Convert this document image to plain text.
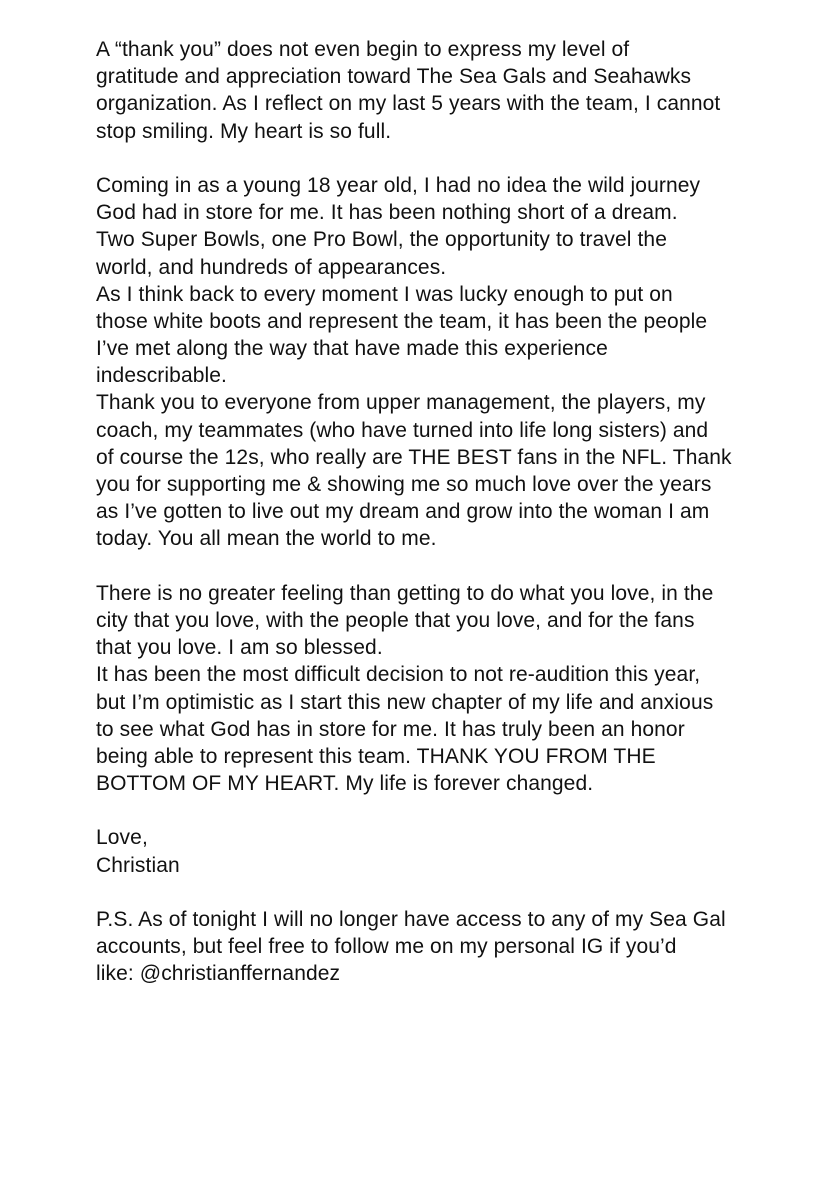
A “thank you” does not even begin to express my level of
gratitude and appreciation toward The Sea Gals and Seahawks
organization. As I reflect on my last 5 years with the team, I cannot
stop smiling. My heart is so full.
Coming in as a young 18 year old, I had no idea the wild journey
God had in store for me. It has been nothing short of a dream.
Two Super Bowls, one Pro Bowl, the opportunity to travel the
world, and hundreds of appearances.
As I think back to every moment I was lucky enough to put on
those white boots and represent the team, it has been the people
I’ve met along the way that have made this experience
indescribable.
Thank you to everyone from upper management, the players, my
coach, my teammates (who have turned into life long sisters) and
of course the 12s, who really are THE BEST fans in the NFL. Thank
you for supporting me & showing me so much love over the years
as I’ve gotten to live out my dream and grow into the woman I am
today. You all mean the world to me.
There is no greater feeling than getting to do what you love, in the
city that you love, with the people that you love, and for the fans
that you love. I am so blessed.
It has been the most difficult decision to not re-audition this year,
but I’m optimistic as I start this new chapter of my life and anxious
to see what God has in store for me. It has truly been an honor
being able to represent this team. THANK YOU FROM THE
BOTTOM OF MY HEART. My life is forever changed.
Love,
Christian
P.S. As of tonight I will no longer have access to any of my Sea Gal
accounts, but feel free to follow me on my personal IG if you’d
like: @christianffernandez
